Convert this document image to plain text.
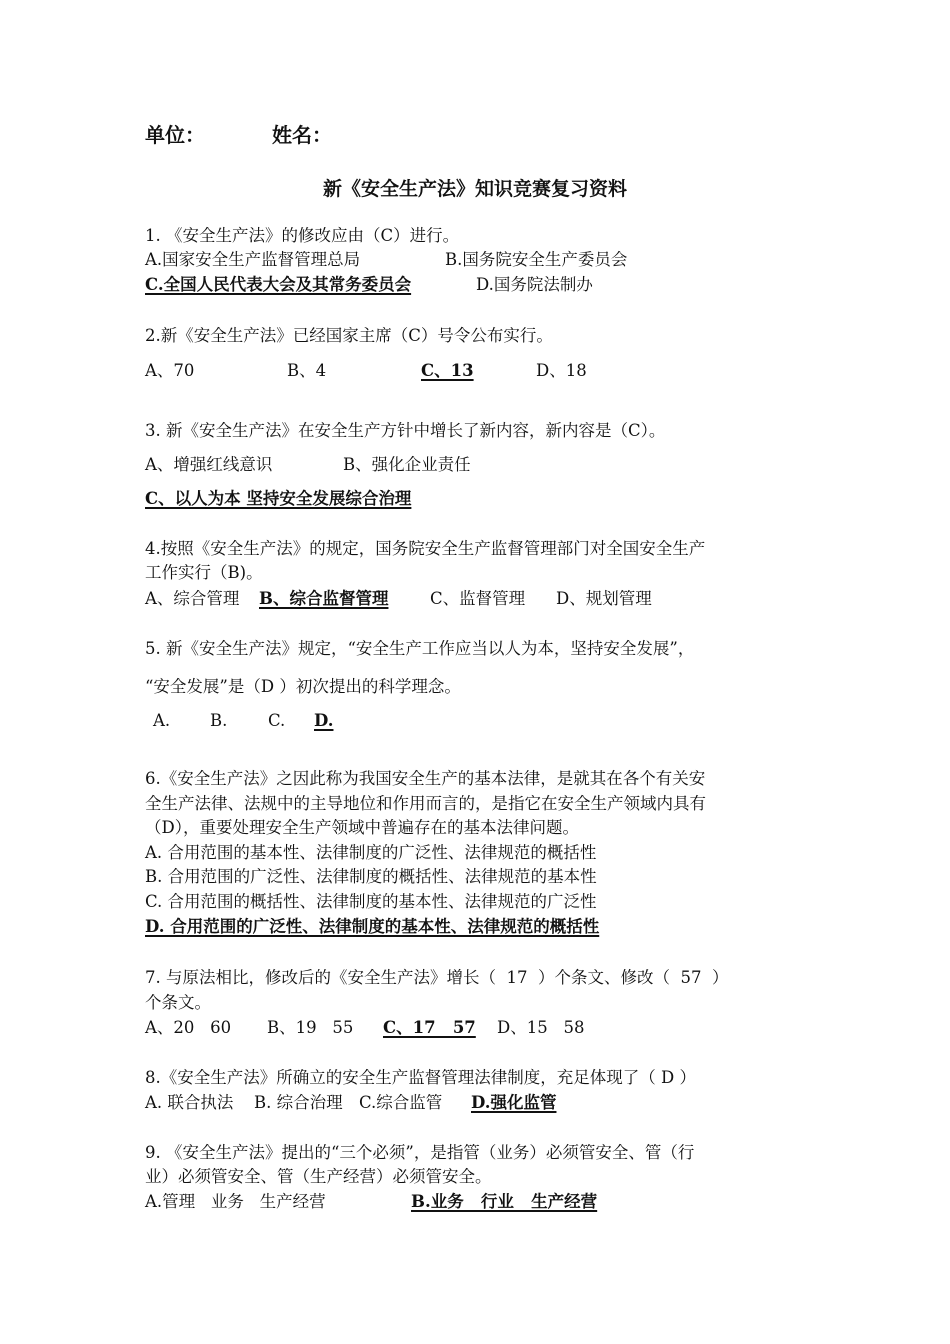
单位：	姓名：
新《安全生产法》知识竞赛复习资料
1. 《安全生产法》的修改应由（C）进行。
A.国家安全生产监督管理总局	B.国务院安全生产委员会
C.全国人民代表大会及其常务委员会	D.国务院法制办
2.新《安全生产法》已经国家主席（C）号令公布实行。
A、70	B、4	C、13	D、18
3. 新《安全生产法》在安全生产方针中增长了新内容，新内容是（C）。
A、增强红线意识	B、强化企业责任
C、以人为本 坚持安全发展综合治理
4.按照《安全生产法》的规定，国务院安全生产监督管理部门对全国安全生产
工作实行（B)。
A、综合管理 B、综合监督管理	C、监督管理 D、规划管理
5. 新《安全生产法》规定，“安全生产工作应当以人为本，坚持安全发展”，
“安全发展”是（D ）初次提出的科学理念。
A. B. C. D.
6.《安全生产法》之因此称为我国安全生产的基本法律，是就其在各个有关安
全生产法律、法规中的主导地位和作用而言的，是指它在安全生产领域内具有
（D），重要处理安全生产领域中普遍存在的基本法律问题。
A. 合用范围的基本性、法律制度的广泛性、法律规范的概括性
B. 合用范围的广泛性、法律制度的概括性、法律规范的基本性
C. 合用范围的概括性、法律制度的基本性、法律规范的广泛性
D. 合用范围的广泛性、法律制度的基本性、法律规范的概括性
7. 与原法相比，修改后的《安全生产法》增长（  17  ）个条文、修改（  57  ）
个条文。
A、20   60 B、19   55 C、17   57 D、15   58
8.《安全生产法》所确立的安全生产监督管理法律制度，充足体现了（ D ）
A. 联合执法 B. 综合治理 C.综合监管 D.强化监管
9. 《安全生产法》提出的“三个必须”，是指管（业务）必须管安全、管（行
业）必须管安全、管（生产经营）必须管安全。
A.管理   业务   生产经营	B.业务   行业   生产经营
